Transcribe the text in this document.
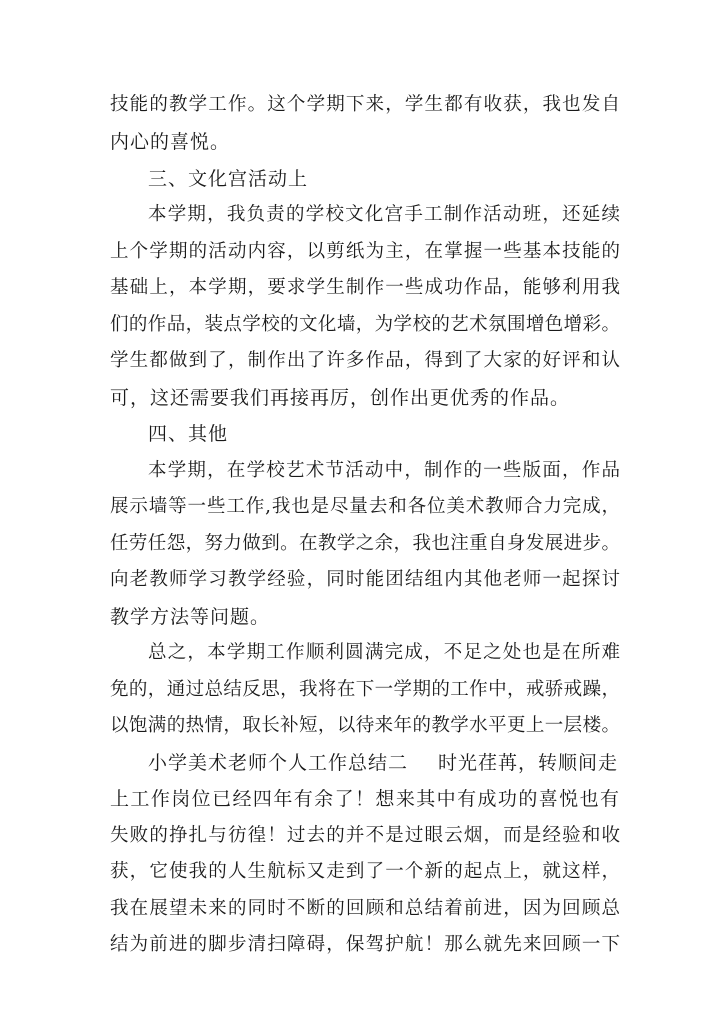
技能的教学工作。这个学期下来，学生都有收获，我也发自
内心的喜悦。
三、文化宫活动上
本学期，我负责的学校文化宫手工制作活动班，还延续
上个学期的活动内容，以剪纸为主，在掌握一些基本技能的
基础上，本学期，要求学生制作一些成功作品，能够利用我
们的作品，装点学校的文化墙，为学校的艺术氛围增色增彩。
学生都做到了，制作出了许多作品，得到了大家的好评和认
可，这还需要我们再接再厉，创作出更优秀的作品。
四、其他
本学期，在学校艺术节活动中，制作的一些版面，作品
展示墙等一些工作,我也是尽量去和各位美术教师合力完成，
任劳任怨，努力做到。在教学之余，我也注重自身发展进步。
向老教师学习教学经验，同时能团结组内其他老师一起探讨
教学方法等问题。
总之，本学期工作顺利圆满完成，不足之处也是在所难
免的，通过总结反思，我将在下一学期的工作中，戒骄戒躁，
以饱满的热情，取长补短，以待来年的教学水平更上一层楼。
小学美术老师个人工作总结二 时光荏苒，转顺间走
上工作岗位已经四年有余了！想来其中有成功的喜悦也有
失败的挣扎与彷徨！过去的并不是过眼云烟，而是经验和收
获，它使我的人生航标又走到了一个新的起点上，就这样，
我在展望未来的同时不断的回顾和总结着前进，因为回顾总
结为前进的脚步清扫障碍，保驾护航！那么就先来回顾一下
